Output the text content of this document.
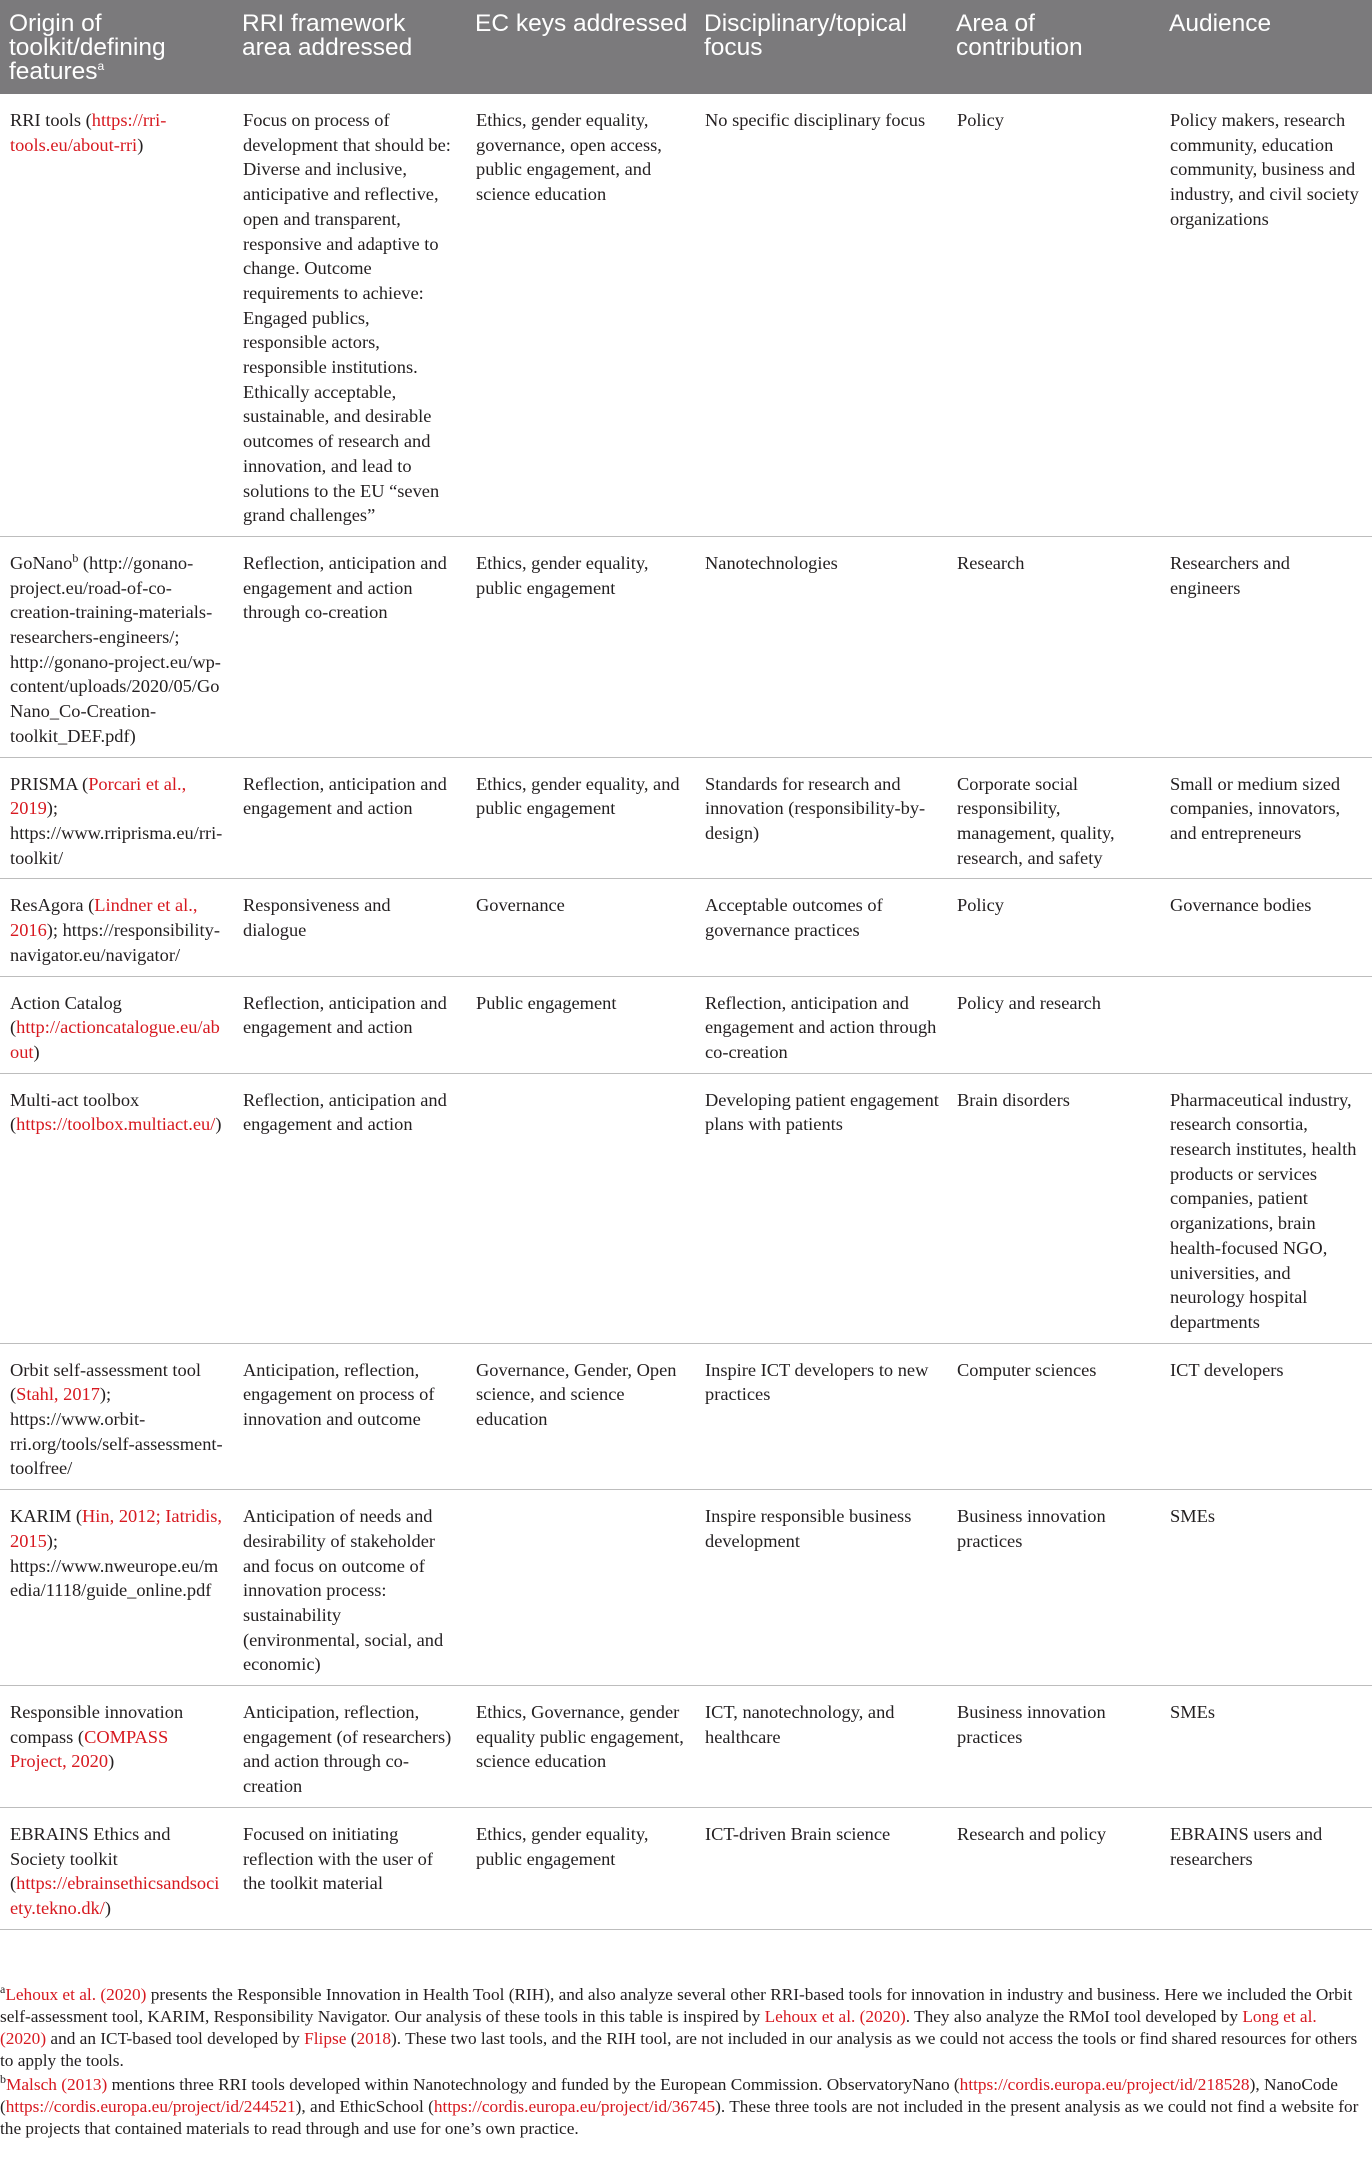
Origin of toolkit/defining features$^a$	RRI framework area addressed	EC keys addressed	Disciplinary/topical focus	Area of contribution	Audience
RRI tools (https://rri-tools.eu/about-rri)	Focus on process of development that should be: Diverse and inclusive, anticipative and reflective, open and transparent, responsive and adaptive to change. Outcome requirements to achieve: Engaged publics, responsible actors, responsible institutions. Ethically acceptable, sustainable, and desirable outcomes of research and innovation, and lead to solutions to the EU “seven grand challenges”	Ethics, gender equality, governance, open access, public engagement, and science education	No specific disciplinary focus	Policy	Policy makers, research community, education community, business and industry, and civil society organizations
GoNano$^b$ (http://gonano-project.eu/road-of-co-creation-training-materials-researchers-engineers/; http://gonano-project.eu/wp-content/uploads/2020/05/GoNano_Co-Creation-toolkit_DEF.pdf)	Reflection, anticipation and engagement and action through co-creation	Ethics, gender equality, public engagement	Nanotechnologies	Research	Researchers and engineers
PRISMA (Porcari et al., 2019); https://www.rriprisma.eu/rri-toolkit/	Reflection, anticipation and engagement and action	Ethics, gender equality, and public engagement	Standards for research and innovation (responsibility-by-design)	Corporate social responsibility, management, quality, research, and safety	Small or medium sized companies, innovators, and entrepreneurs
ResAgora (Lindner et al., 2016); https://responsibility-navigator.eu/navigator/	Responsiveness and dialogue	Governance	Acceptable outcomes of governance practices	Policy	Governance bodies
Action Catalog (http://actioncatalogue.eu/about)	Reflection, anticipation and engagement and action	Public engagement	Reflection, anticipation and engagement and action through co-creation	Policy and research	
Multi-act toolbox (https://toolbox.multiact.eu/)	Reflection, anticipation and engagement and action		Developing patient engagement plans with patients	Brain disorders	Pharmaceutical industry, research consortia, research institutes, health products or services companies, patient organizations, brain health-focused NGO, universities, and neurology hospital departments
Orbit self-assessment tool (Stahl, 2017); https://www.orbit-rri.org/tools/self-assessment-toolfree/	Anticipation, reflection, engagement on process of innovation and outcome	Governance, Gender, Open science, and science education	Inspire ICT developers to new practices	Computer sciences	ICT developers
KARIM (Hin, 2012; Iatridis, 2015); https://www.nweurope.eu/media/1118/guide_online.pdf	Anticipation of needs and desirability of stakeholder and focus on outcome of innovation process: sustainability (environmental, social, and economic)		Inspire responsible business development	Business innovation practices	SMEs
Responsible innovation compass (COMPASS Project, 2020)	Anticipation, reflection, engagement (of researchers) and action through co-creation	Ethics, Governance, gender equality public engagement, science education	ICT, nanotechnology, and healthcare	Business innovation practices	SMEs
EBRAINS Ethics and Society toolkit (https://ebrainsethicsandsociety.tekno.dk/)	Focused on initiating reflection with the user of the toolkit material	Ethics, gender equality, public engagement	ICT-driven Brain science	Research and policy	EBRAINS users and researchers

$^a$Lehoux et al. (2020) presents the Responsible Innovation in Health Tool (RIH), and also analyze several other RRI-based tools for innovation in industry and business. Here we included the Orbit self-assessment tool, KARIM, Responsibility Navigator. Our analysis of these tools in this table is inspired by Lehoux et al. (2020). They also analyze the RMoI tool developed by Long et al. (2020) and an ICT-based tool developed by Flipse (2018). These two last tools, and the RIH tool, are not included in our analysis as we could not access the tools or find shared resources for others to apply the tools.

$^b$Malsch (2013) mentions three RRI tools developed within Nanotechnology and funded by the European Commission. ObservatoryNano (https://cordis.europa.eu/project/id/218528), NanoCode (https://cordis.europa.eu/project/id/244521), and EthicSchool (https://cordis.europa.eu/project/id/36745). These three tools are not included in the present analysis as we could not find a website for the projects that contained materials to read through and use for one’s own practice.
